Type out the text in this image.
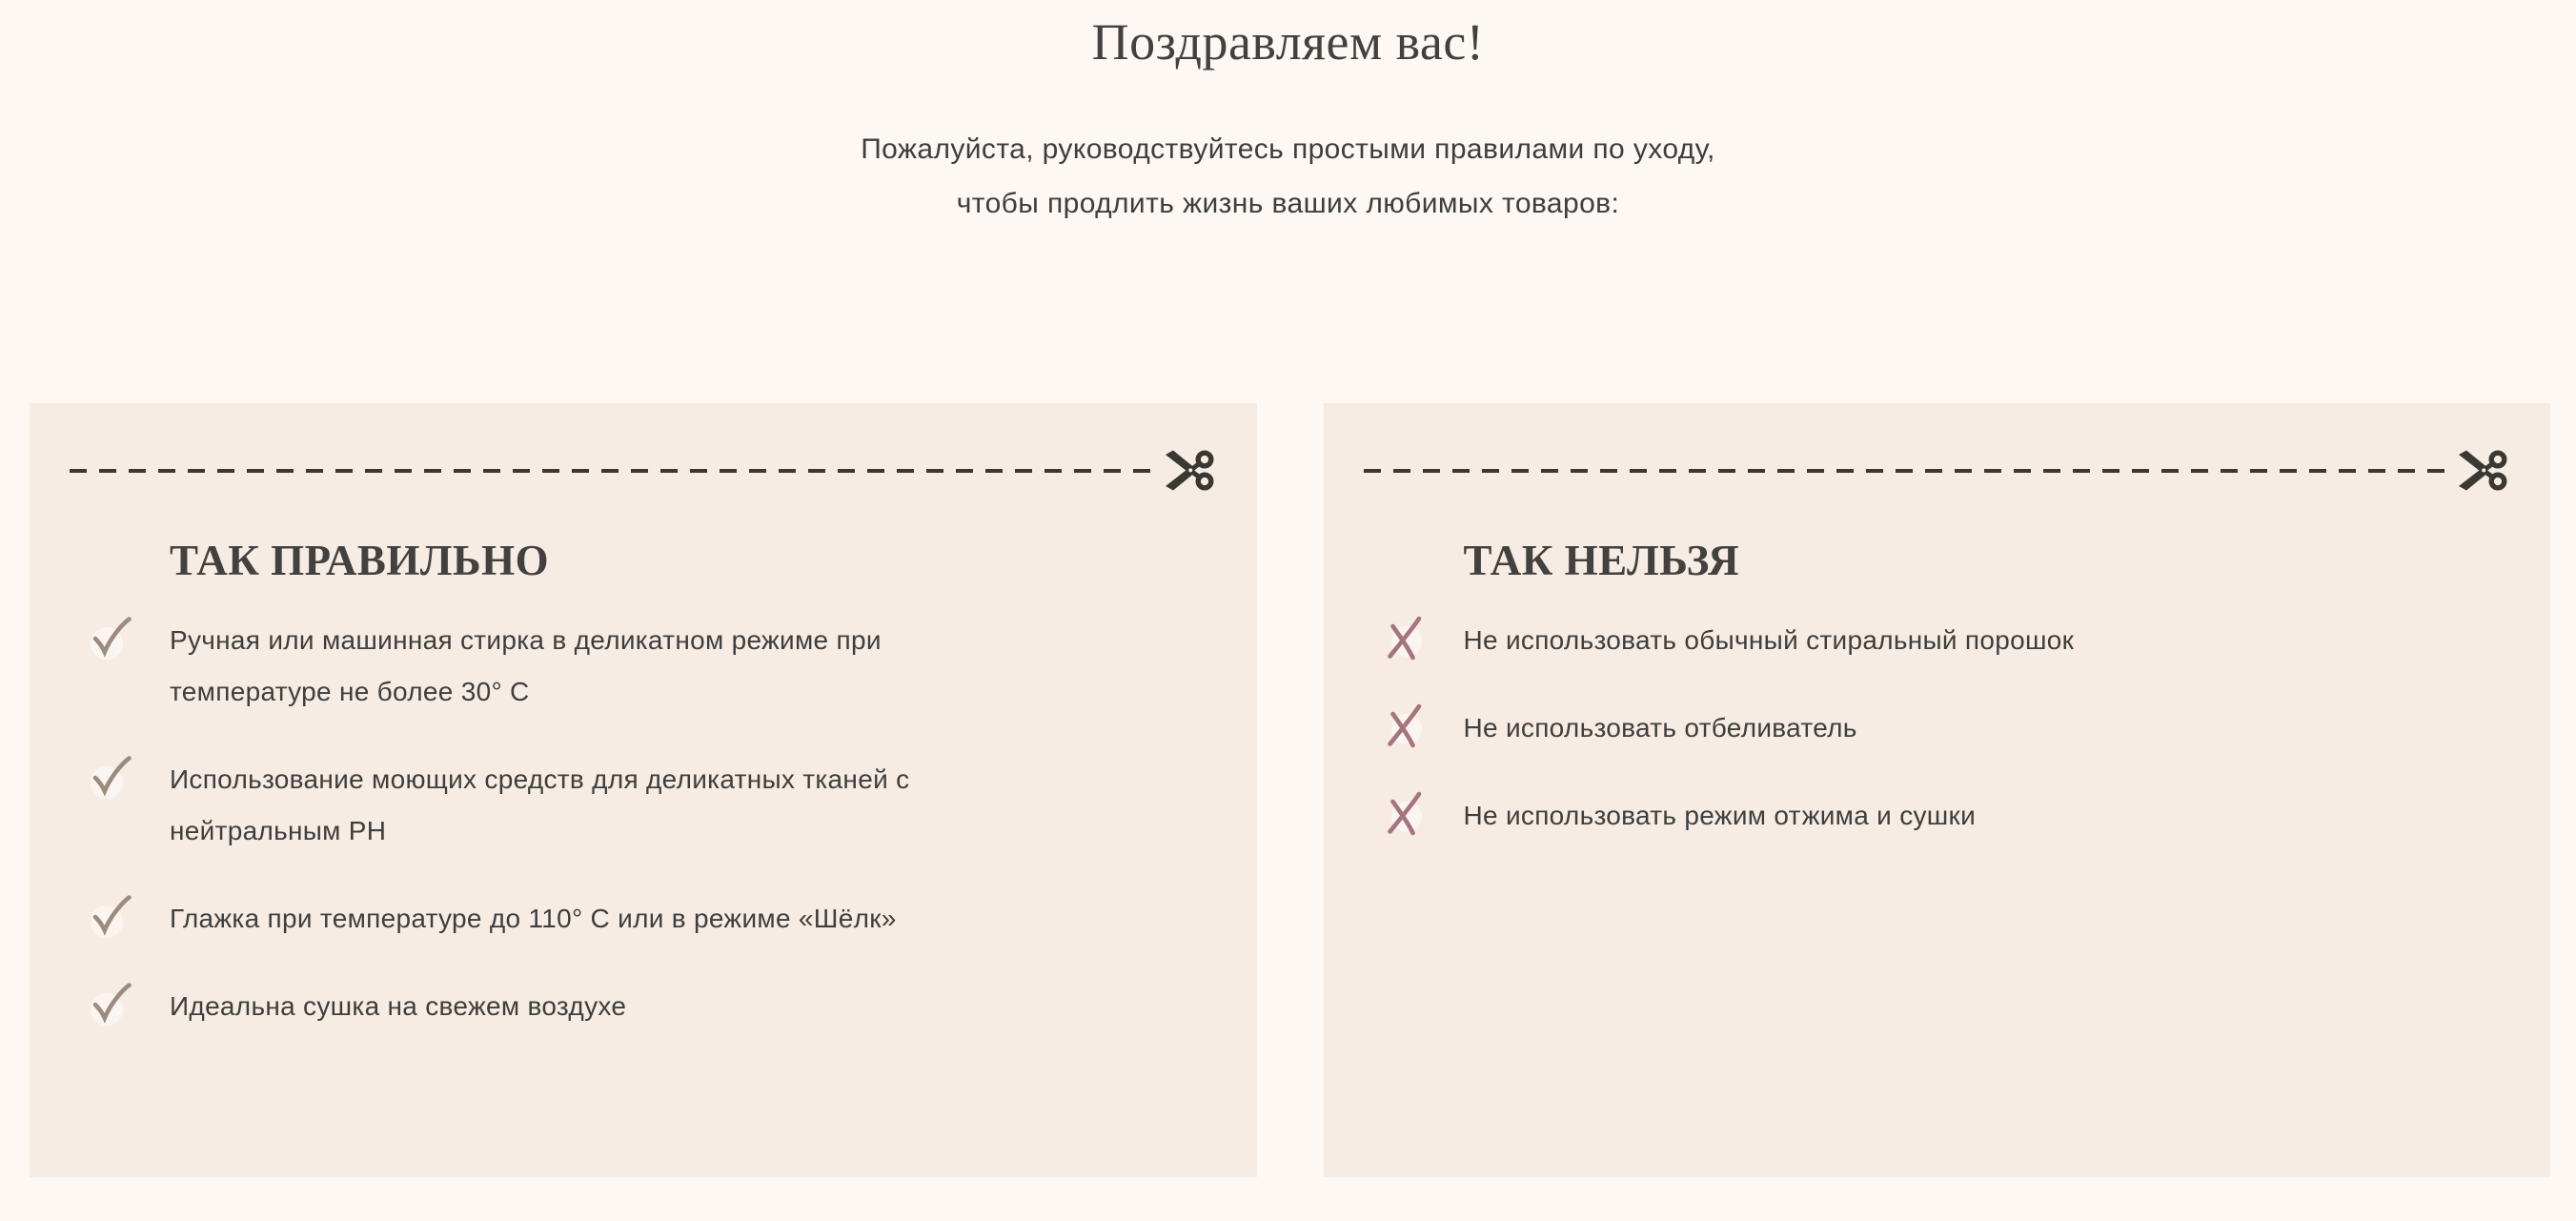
Поздравляем вас!
Пожалуйста, руководствуйтесь простыми правилами по уходу,
чтобы продлить жизнь ваших любимых товаров:
ТАК ПРАВИЛЬНО
Ручная или машинная стирка в деликатном режиме при температуре не более 30° С
Использование моющих средств для деликатных тканей с нейтральным PH
Глажка при температуре до 110° С или в режиме «Шёлк»
Идеальна сушка на свежем воздухе
ТАК НЕЛЬЗЯ
Не использовать обычный стиральный порошок
Не использовать отбеливатель
Не использовать режим отжима и сушки
